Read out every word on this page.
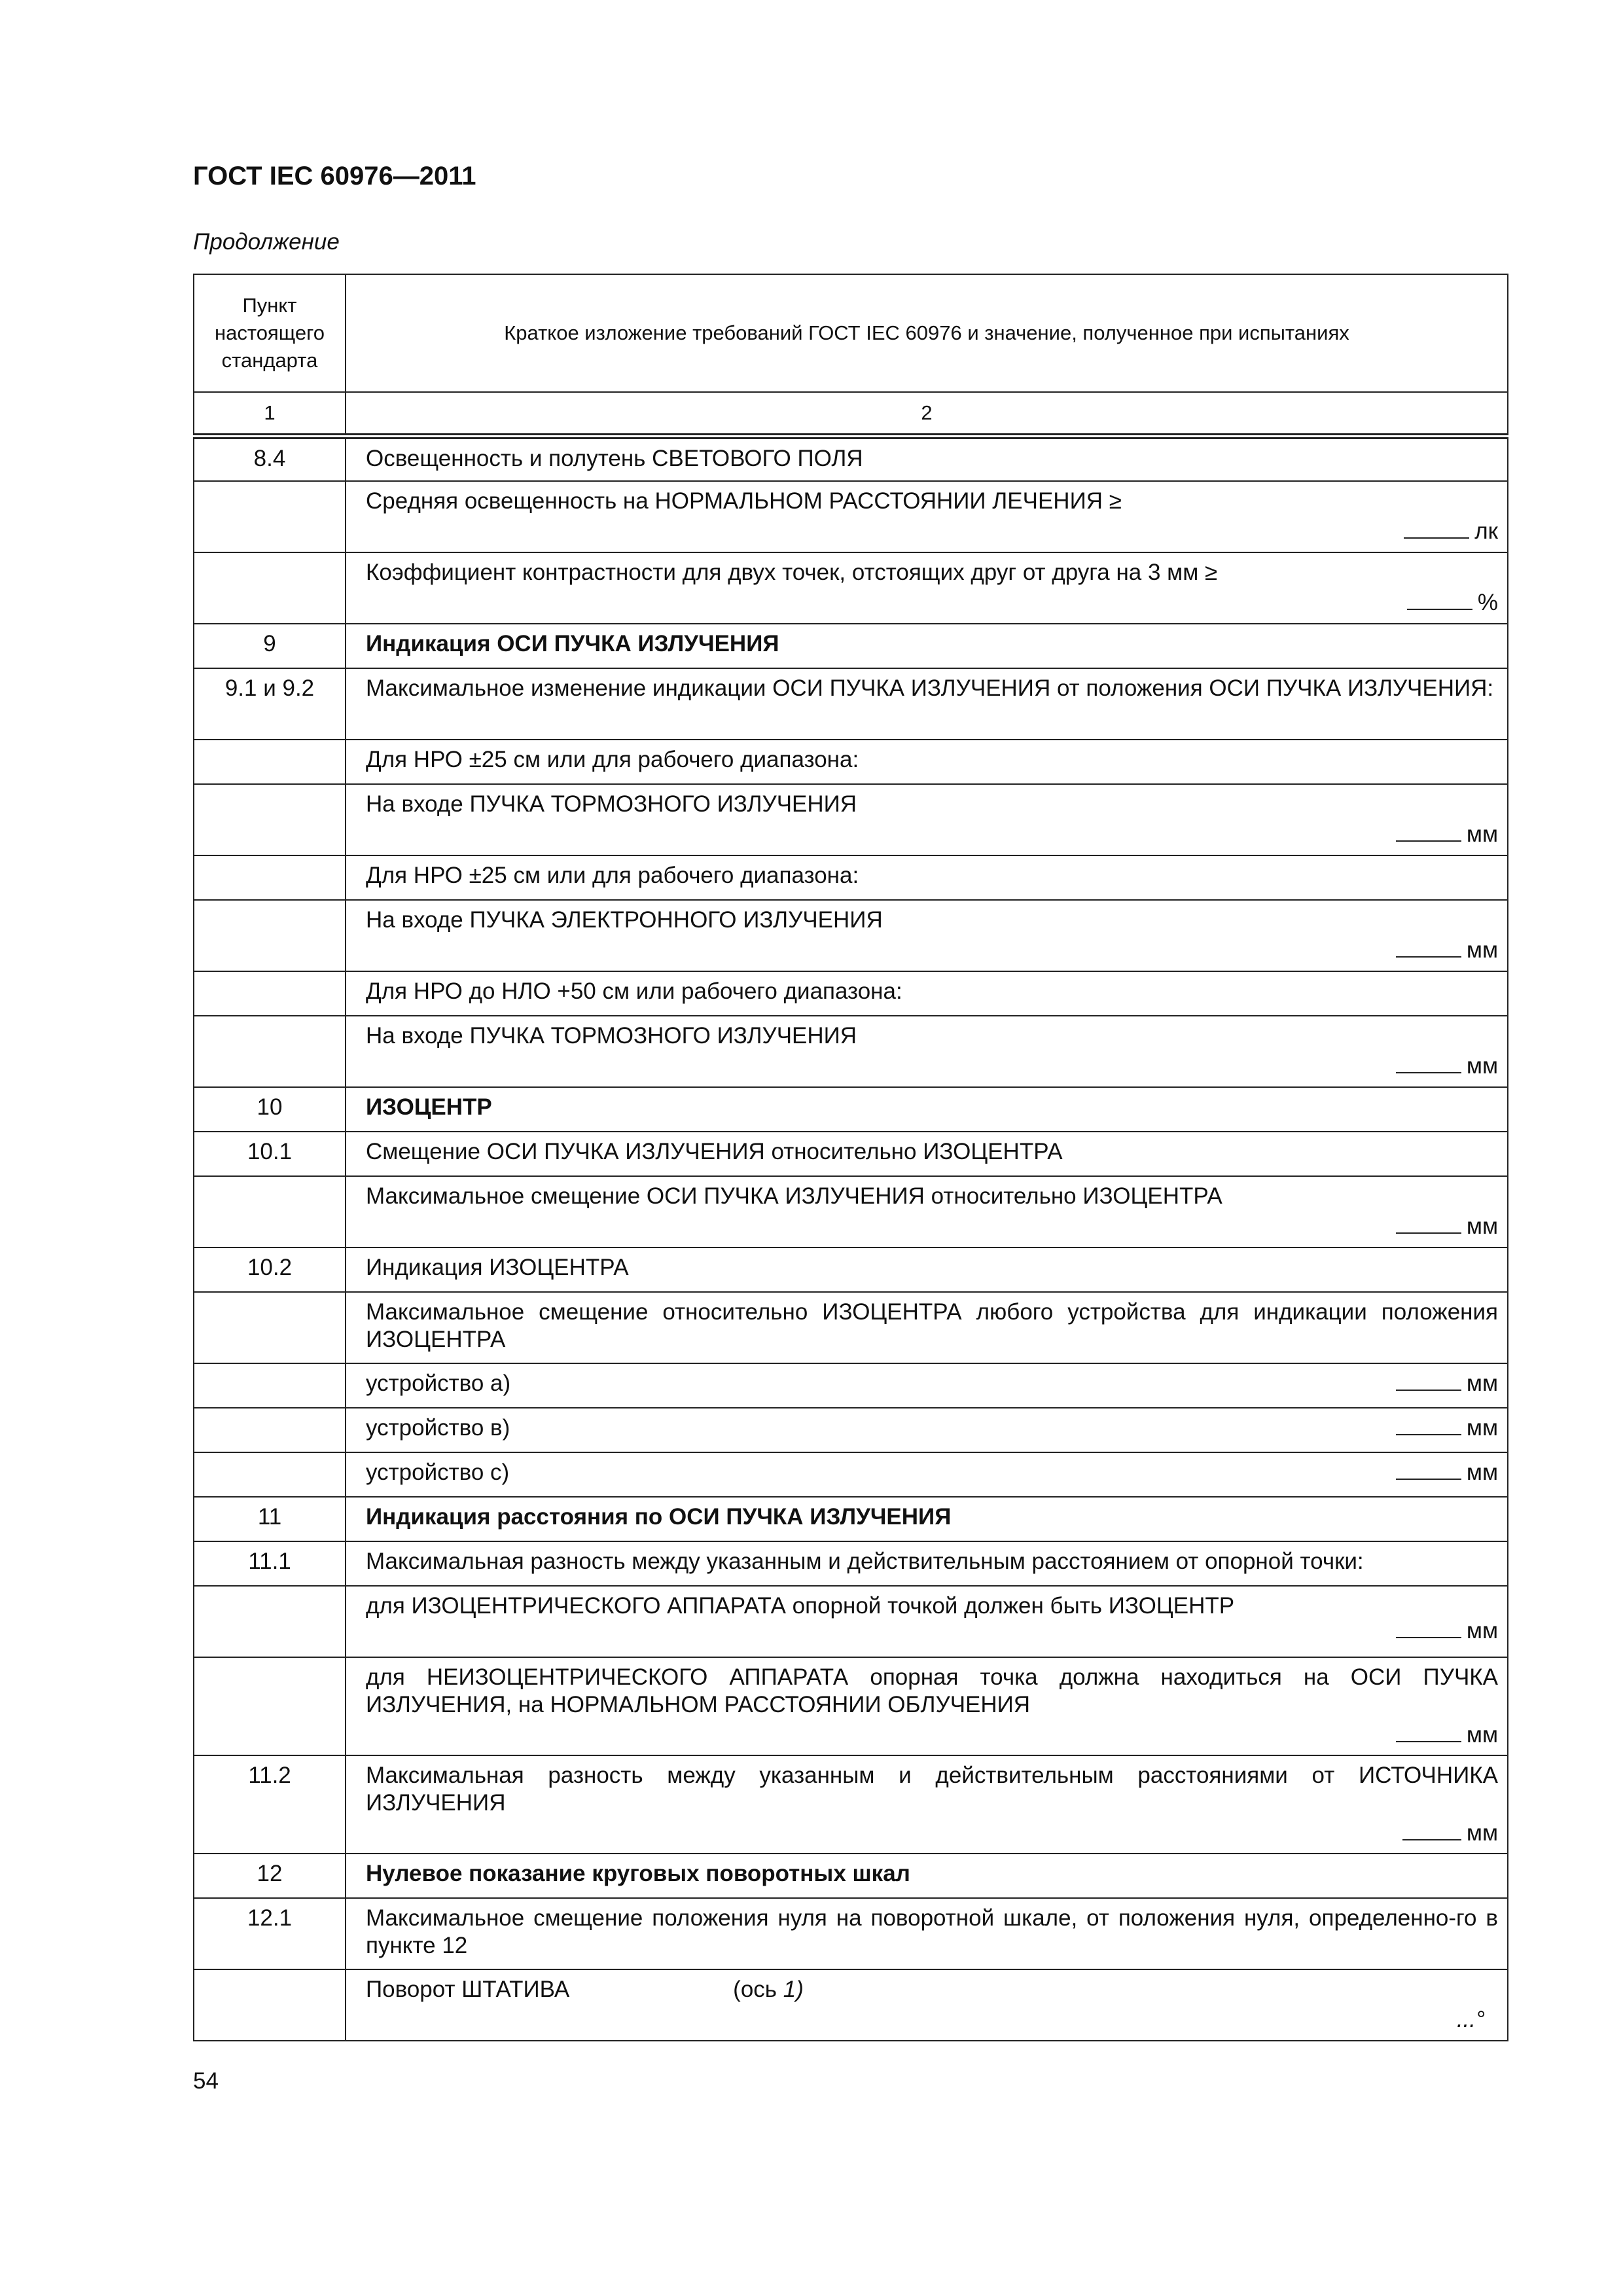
ГОСТ IEC 60976—2011
Продолжение
Пункт настоящего стандарта	Краткое изложение требований ГОСТ IEC 60976 и значение, полученное при испытаниях
1	2
8.4	Освещенность и полутень СВЕТОВОГО ПОЛЯ

	Средняя освещенность на НОРМАЛЬНОМ РАССТОЯНИИ ЛЕЧЕНИЯ ≥
лк

	Коэффициент контрастности для двух точек, отстоящих друг от друга на 3 мм ≥
%

9	Индикация ОСИ ПУЧКА ИЗЛУЧЕНИЯ
9.1 и 9.2	Максимальное изменение индикации ОСИ ПУЧКА ИЗЛУЧЕНИЯ от положения ОСИ ПУЧКА ИЗЛУЧЕНИЯ:
	Для НРО ±25 см или для рабочего диапазона:

	На входе ПУЧКА ТОРМОЗНОГО ИЗЛУЧЕНИЯ
мм

	Для НРО ±25 см или для рабочего диапазона:

	На входе ПУЧКА ЭЛЕКТРОННОГО ИЗЛУЧЕНИЯ
мм

	Для НРО до НЛО +50 см или рабочего диапазона:

	На входе ПУЧКА ТОРМОЗНОГО ИЗЛУЧЕНИЯ
мм

10	ИЗОЦЕНТР
10.1	Смещение ОСИ ПУЧКА ИЗЛУЧЕНИЯ относительно ИЗОЦЕНТРА

	Максимальное смещение ОСИ ПУЧКА ИЗЛУЧЕНИЯ относительно ИЗОЦЕНТРА
мм

10.2	Индикация ИЗОЦЕНТРА
	Максимальное смещение относительно ИЗОЦЕНТРА любого устройства для индикации положения ИЗОЦЕНТРА

	устройство а) мм

	устройство в) мм

	устройство с) мм

11	Индикация расстояния по ОСИ ПУЧКА ИЗЛУЧЕНИЯ
11.1	Максимальная разность между указанным и действительным расстоянием от опорной точки:

	для ИЗОЦЕНТРИЧЕСКОГО АППАРАТА опорной точкой должен быть ИЗОЦЕНТР
мм

	для НЕИЗОЦЕНТРИЧЕСКОГО АППАРАТА опорная точка должна находиться на ОСИ ПУЧКА ИЗЛУЧЕНИЯ, на НОРМАЛЬНОМ РАССТОЯНИИ ОБЛУЧЕНИЯ
мм

11.2	Максимальная разность между указанным и действительным расстояниями от ИСТОЧНИКА ИЗЛУЧЕНИЯ
мм

12	Нулевое показание круговых поворотных шкал
12.1	Максимальное смещение положения нуля на поворотной шкале, от положения нуля, определенно-го в пункте 12

	Поворот ШТАТИВА (ось 1)
...°
54
